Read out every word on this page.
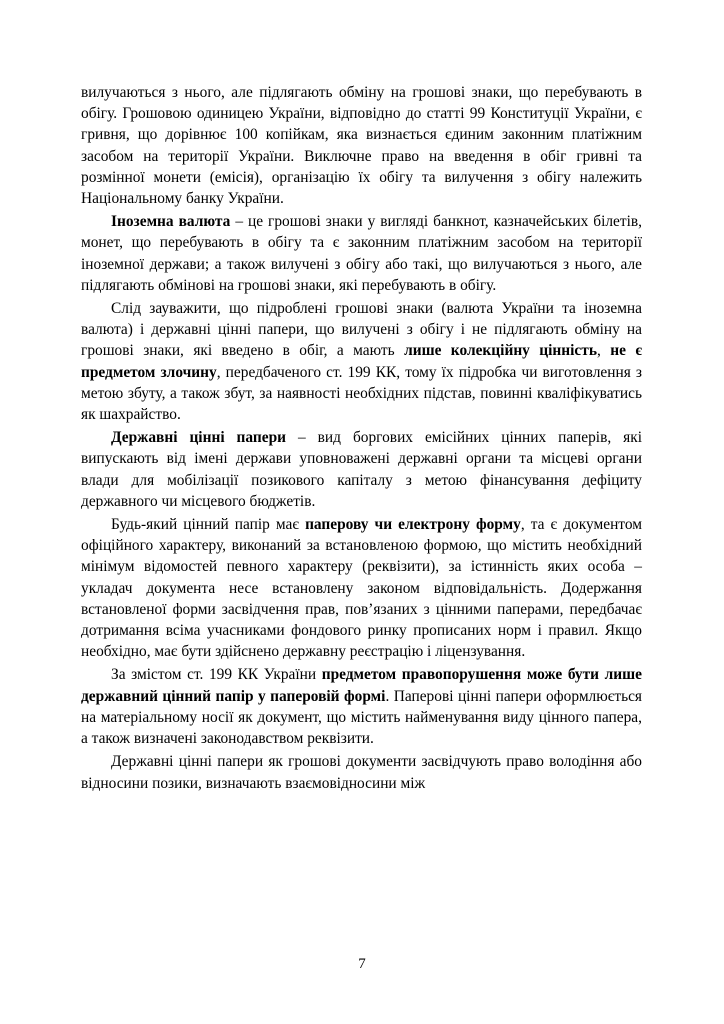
вилучаються з нього, але підлягають обміну на грошові знаки, що перебувають в обігу. Грошовою одиницею України, відповідно до статті 99 Конституції України, є гривня, що дорівнює 100 копійкам, яка визнається єдиним законним платіжним засобом на території України. Виключне право на введення в обіг гривні та розмінної монети (емісія), організацію їх обігу та вилучення з обігу належить Національному банку України.

Іноземна валюта – це грошові знаки у вигляді банкнот, казначейських білетів, монет, що перебувають в обігу та є законним платіжним засобом на території іноземної держави; а також вилучені з обігу або такі, що вилучаються з нього, але підлягають обмінові на грошові знаки, які перебувають в обігу.

Слід зауважити, що підроблені грошові знаки (валюта України та іноземна валюта) і державні цінні папери, що вилучені з обігу і не підлягають обміну на грошові знаки, які введено в обіг, а мають лише колекційну цінність, не є предметом злочину, передбаченого ст. 199 КК, тому їх підробка чи виготовлення з метою збуту, а також збут, за наявності необхідних підстав, повинні кваліфікуватись як шахрайство.

Державні цінні папери – вид боргових емісійних цінних паперів, які випускають від імені держави уповноважені державні органи та місцеві органи влади для мобілізації позикового капіталу з метою фінансування дефіциту державного чи місцевого бюджетів.

Будь-який цінний папір має паперову чи електрону форму, та є документом офіційного характеру, виконаний за встановленою формою, що містить необхідний мінімум відомостей певного характеру (реквізити), за істинність яких особа – укладач документа несе встановлену законом відповідальність. Додержання встановленої форми засвідчення прав, пов’язаних з цінними паперами, передбачає дотримання всіма учасниками фондового ринку прописаних норм і правил. Якщо необхідно, має бути здійснено державну реєстрацію і ліцензування.

За змістом ст. 199 КК України предметом правопорушення може бути лише державний цінний папір у паперовій формі. Паперові цінні папери оформлюється на матеріальному носії як документ, що містить найменування виду цінного папера, а також визначені законодавством реквізити.

Державні цінні папери як грошові документи засвідчують право володіння або відносини позики, визначають взаємовідносини між

7
